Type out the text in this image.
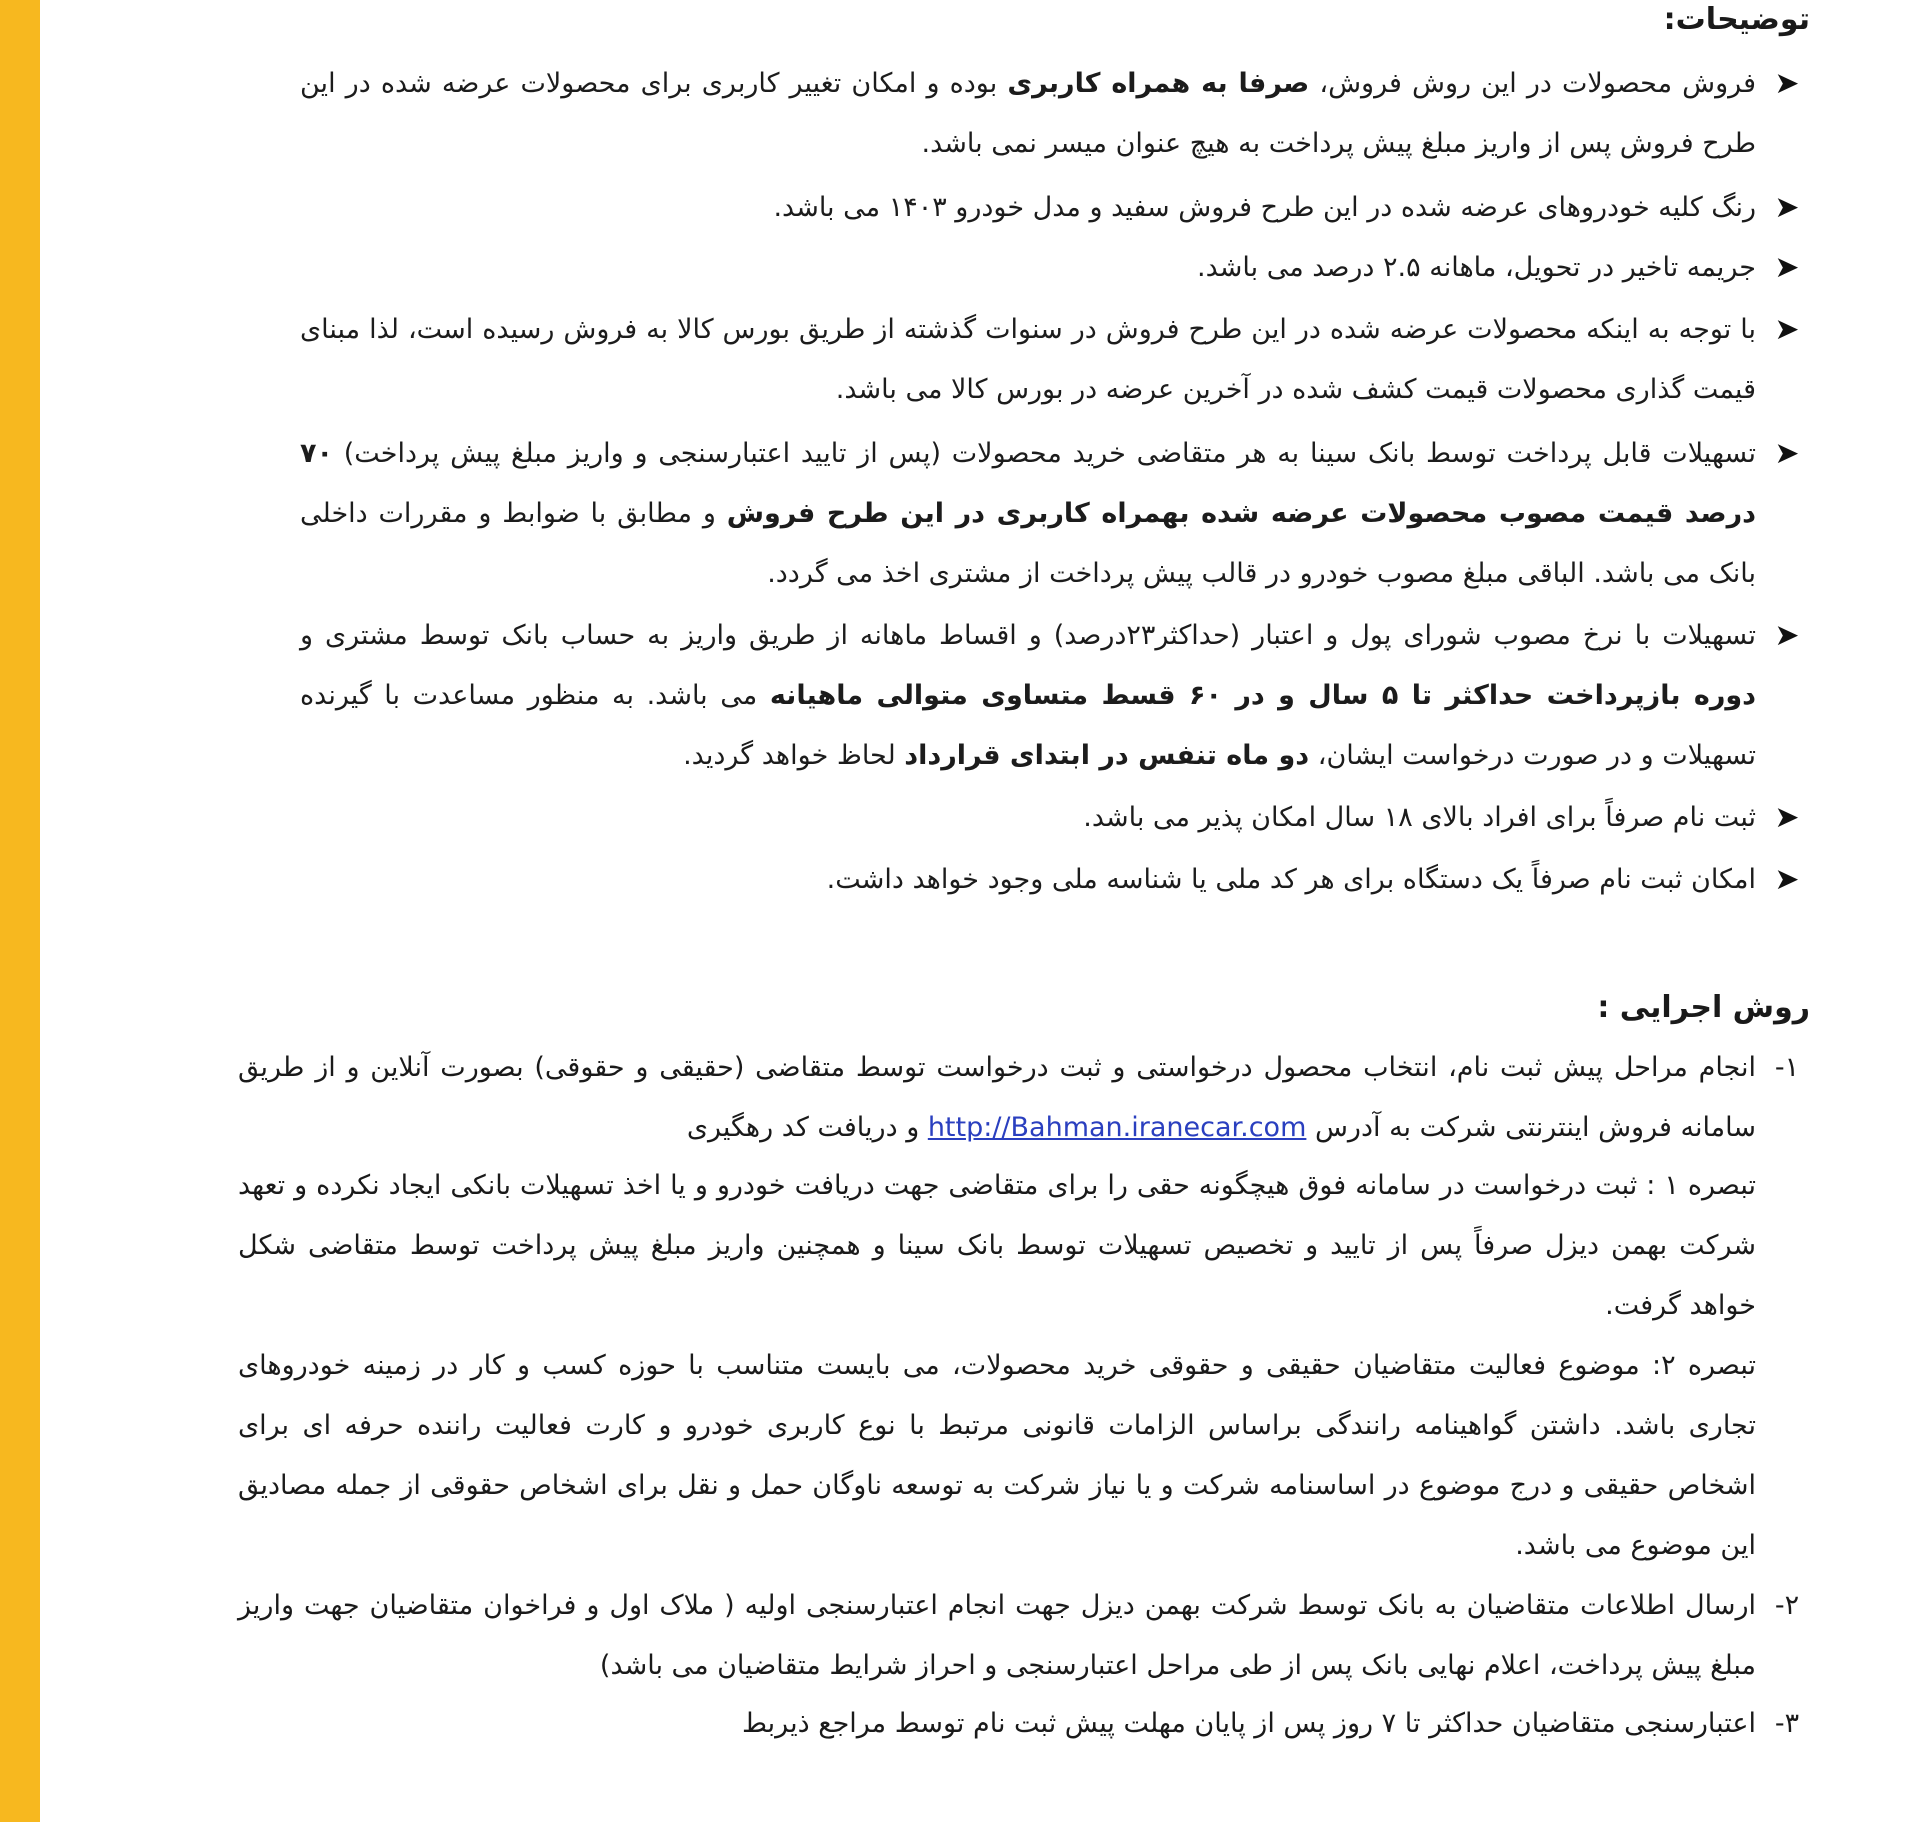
توضیحات:
➤
فروش محصولات در این روش فروش، صرفا به همراه کاربری بوده و امکان تغییر کاربری برای محصولات عرضه شده در این طرح فروش پس از واریز مبلغ پیش پرداخت به هیچ عنوان میسر نمی باشد.
➤
رنگ کلیه خودروهای عرضه شده در این طرح فروش سفید و مدل خودرو ۱۴۰۳ می باشد.
➤
جریمه تاخیر در تحویل، ماهانه ۲.۵ درصد می باشد.
➤
با توجه به اینکه محصولات عرضه شده در این طرح فروش در سنوات گذشته از طریق بورس کالا به فروش رسیده است، لذا مبنای قیمت گذاری محصولات قیمت کشف شده در آخرین عرضه در بورس کالا می باشد.
➤
تسهیلات قابل پرداخت توسط بانک سینا به هر متقاضی خرید محصولات (پس از تایید اعتبارسنجی و واریز مبلغ پیش پرداخت) ۷۰ درصد قیمت مصوب محصولات عرضه شده بهمراه کاربری در این طرح فروش و مطابق با ضوابط و مقررات داخلی بانک می باشد. الباقی مبلغ مصوب خودرو در قالب پیش پرداخت از مشتری اخذ می گردد.
➤
تسهیلات با نرخ مصوب شورای پول و اعتبار (حداکثر۲۳درصد) و اقساط ماهانه از طریق واریز به حساب بانک توسط مشتری و دوره بازپرداخت حداکثر تا ۵ سال و در ۶۰ قسط متساوی متوالی ماهیانه می باشد. به منظور مساعدت با گیرنده تسهیلات و در صورت درخواست ایشان، دو ماه تنفس در ابتدای قرارداد لحاظ خواهد گردید.
➤
ثبت نام صرفاً برای افراد بالای ۱۸ سال امکان پذیر می باشد.
➤
امکان ثبت نام صرفاً یک دستگاه برای هر کد ملی یا شناسه ملی وجود خواهد داشت.
روش اجرایی :
۱-
انجام مراحل پیش ثبت نام، انتخاب محصول درخواستی و ثبت درخواست توسط متقاضی (حقیقی و حقوقی) بصورت آنلاین و از طریق سامانه فروش اینترنتی شرکت به آدرس http://Bahman.iranecar.com و دریافت کد رهگیری
تبصره ۱ : ثبت درخواست در سامانه فوق هیچگونه حقی را برای متقاضی جهت دریافت خودرو و یا اخذ تسهیلات بانکی ایجاد نکرده و تعهد شرکت بهمن دیزل صرفاً پس از تایید و تخصیص تسهیلات توسط بانک سینا و همچنین واریز مبلغ پیش پرداخت توسط متقاضی شکل خواهد گرفت.
تبصره ۲: موضوع فعالیت متقاضیان حقیقی و حقوقی خرید محصولات، می بایست متناسب با حوزه کسب و کار در زمینه خودروهای تجاری باشد. داشتن گواهینامه رانندگی براساس الزامات قانونی مرتبط با نوع کاربری خودرو و کارت فعالیت راننده حرفه ای برای اشخاص حقیقی و درج موضوع در اساسنامه شرکت و یا نیاز شرکت به توسعه ناوگان حمل و نقل برای اشخاص حقوقی از جمله مصادیق این موضوع می باشد.
۲-
ارسال اطلاعات متقاضیان به بانک توسط شرکت بهمن دیزل جهت انجام اعتبارسنجی اولیه ( ملاک اول و فراخوان متقاضیان جهت واریز مبلغ پیش پرداخت، اعلام نهایی بانک پس از طی مراحل اعتبارسنجی و احراز شرایط متقاضیان می باشد)
۳-
اعتبارسنجی متقاضیان حداکثر تا ۷ روز پس از پایان مهلت پیش ثبت نام توسط مراجع ذیربط
